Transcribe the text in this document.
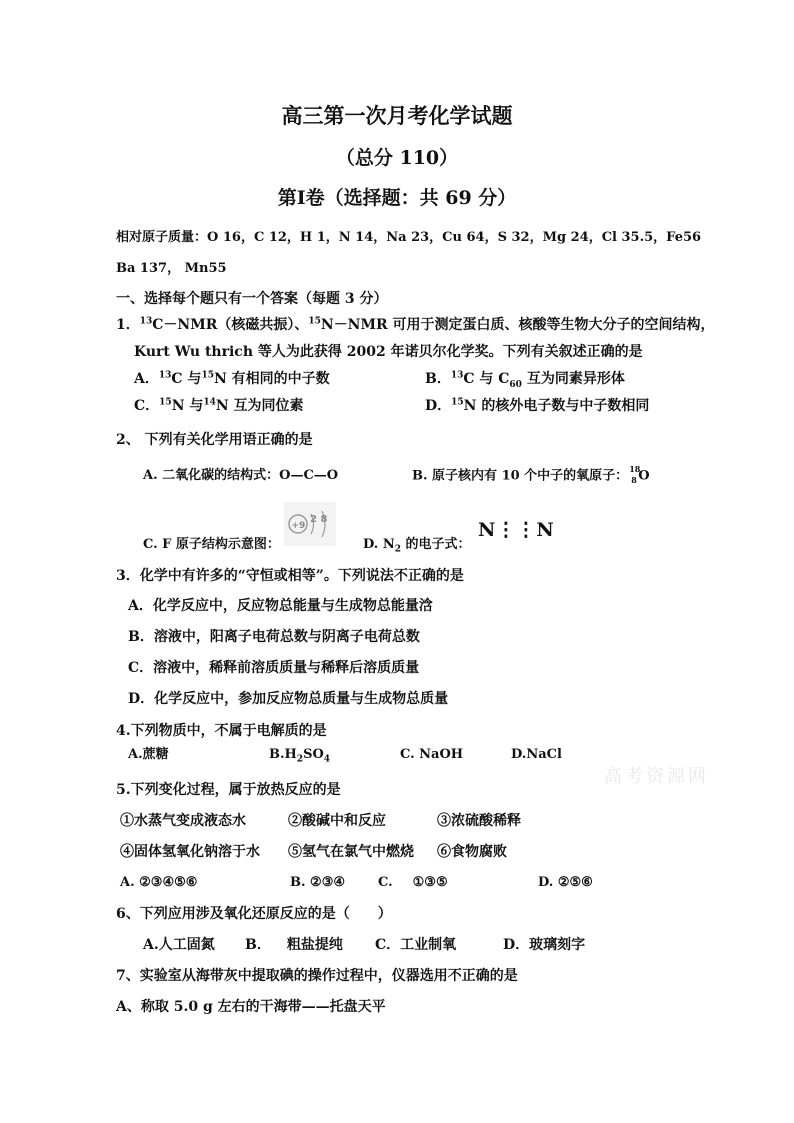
高三第一次月考化学试题
（总分 110）
第Ⅰ卷（选择题：共 69 分）
相对原子质量：O 16，C 12，H 1，N 14，Na 23，Cu 64，S 32，Mg 24，Cl 35.5，Fe56
Ba 137， Mn55
一、选择每个题只有一个答案（每题 3 分）
1．$^{13}$C－NMR（核磁共振）、$^{15}$N－NMR 可用于测定蛋白质、核酸等生物大分子的空间结构，
Kurt Wu thrich 等人为此获得 2002 年诺贝尔化学奖。下列有关叙述正确的是
A．$^{13}$C 与$^{15}$N 有相同的中子数	B．$^{13}$C 与 $C_{60}$ 互为同素异形体
C．$^{15}$N 与$^{14}$N 互为同位素	D．$^{15}$N 的核外电子数与中子数相同
2、 下列有关化学用语正确的是
A. 二氧化碳的结构式：O—C—O	B. 原子核内有 10 个中子的氧原子： 18
8 O
+9
2 8
C. F 原子结构示意图：	D. $N_2$ 的电子式：
N⋮⋮N
3．化学中有许多的“守恒或相等”。下列说法不正确的是
A．化学反应中，反应物总能量与生成物总能量浛
B．溶液中，阳离子电荷总数与阴离子电荷总数
C．溶液中，稀释前溶质质量与稀释后溶质质量
D．化学反应中，参加反应物总质量与生成物总质量
4.下列物质中，不属于电解质的是
A.蔗糖	$B.H_2SO_4$	C. NaOH	D.NaCl
高考资源网
5.下列变化过程，属于放热反应的是
①水蒸气变成液态水	②酸碱中和反应	③浓硫酸稀释
④固体氢氧化钠溶于水 ⑤氢气在氯气中燃烧 ⑥食物腐败
A. ②③④⑤⑥	B. ②③④	C. ①③⑤	D. ②⑤⑥
6、下列应用涉及氧化还原反应的是（　　）
A.人工固氮 B． 粗盐提纯 C．工业制氧	D．玻璃刻字
7、实验室从海带灰中提取碘的操作过程中，仪器选用不正确的是
A、称取 5.0 g 左右的干海带——托盘天平
